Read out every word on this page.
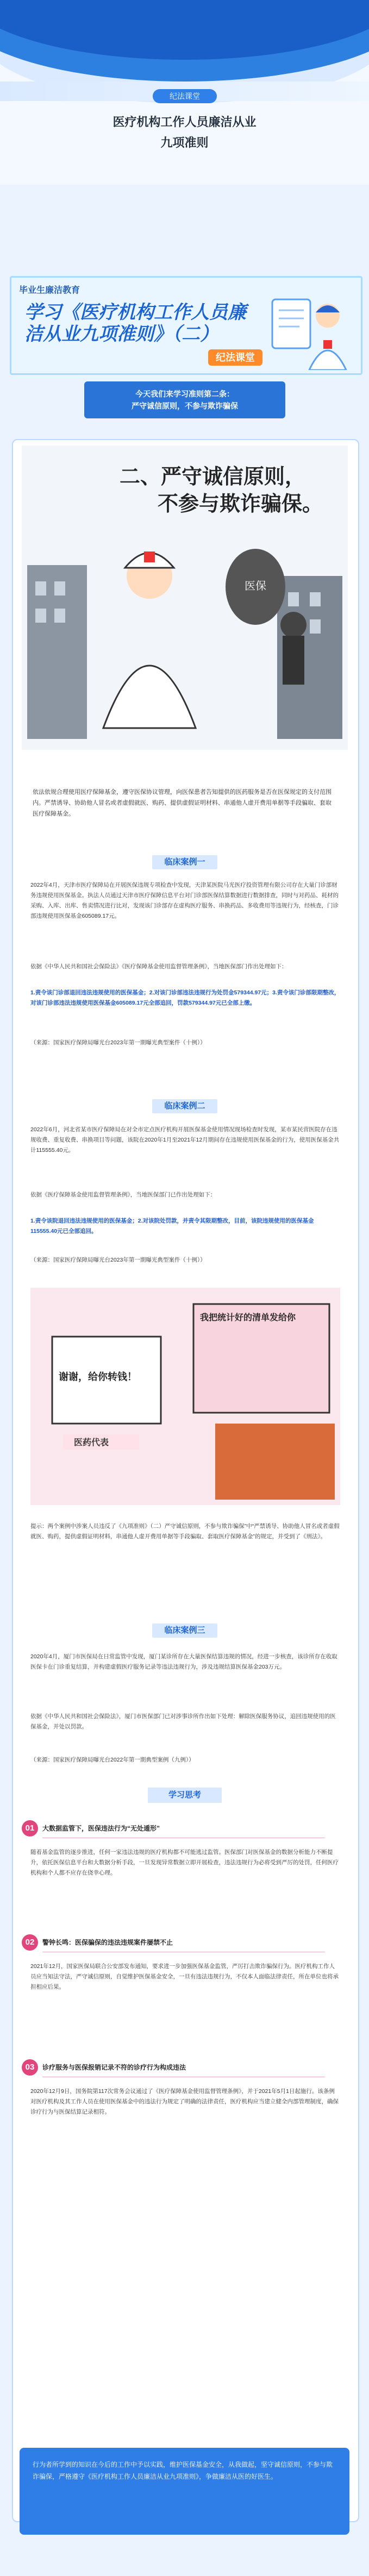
纪法课堂
医疗机构工作人员廉洁从业
九项准则
毕业生廉洁教育
学习《医疗机构工作人员廉洁从业九项准则》（二）
纪法课堂
今天我们来学习准则第二条：
严守诚信原则，不参与欺诈骗保
二、严守诚信原则，
不参与欺诈骗保。
医保
依法依规合理使用医疗保障基金，遵守医保协议管理，向医保患者告知提供的医药服务是否在医保规定的支付范围内。严禁诱导、协助他人冒名或者虚假就医、购药、提供虚假证明材料、串通他人虚开费用单据等手段骗取、套取医疗保障基金。
临床案例一
2022年4月，天津市医疗保障局在开展医保违规专项检查中发现，天津某医院马光医疗投资管理有限公司存在大量门诊部财务违规使用医保基金。执法人员通过天津市医疗保障信息平台对门诊部医保结算数据进行数据排查，同时与对药品、耗材的采购、入库、出库、售卖情况进行比对，发现该门诊部存在虚构医疗服务、串换药品、多收费用等违规行为，经核查，门诊部违规使用医保基金605089.17元。
依据《中华人民共和国社会保险法》《医疗保障基金使用监督管理条例》，当地医保部门作出处理如下：
1.责令该门诊部退回违法违规使用的医保基金；2.对该门诊部违法违规行为处罚金579344.97元；3.责令该门诊部限期整改，对该门诊部违法违规使用医保基金605089.17元全部追回，罚款579344.97元已全部上缴。
（来源：国家医疗保障局曝光台2023年第一期曝光典型案件（十例））
临床案例二
2022年6月，河北省某市医疗保障局在对全市定点医疗机构开展医保基金使用情况现场检查时发现，某市某民营医院存在违规收费、重复收费、串换项目等问题，该院在2020年1月至2021年12月期间存在违规使用医保基金的行为，使用医保基金共计115555.40元。
依据《医疗保障基金使用监督管理条例》，当地医保部门已作出处理如下：
1.责令该院退回违法违规使用的医保基金；2.对该院处罚款，并责令其限期整改，目前，该院违规使用的医保基金115555.40元已全部追回。
（来源：国家医疗保障局曝光台2023年第一期曝光典型案件（十例））
我把统计好的清单发给你
谢谢，给你转钱！
医药代表
提示：两个案例中涉案人员违反了《九项准则》（二）严守诚信原则，不参与欺诈骗保”中“严禁诱导、协助他人冒名或者虚假就医、购药，提供虚假证明材料，串通他人虚开费用单据等手段骗取、套取医疗保障基金”的规定，并受到了《刑法》。
临床案例三
2020年4月，厦门市医保局在日常监管中发现，厦门某诊所存在大量医保结算违规的情况，经进一步核查，该诊所存在收取医保卡在门诊重复结算，并构建虚假医疗服务记录等违法违规行为，涉及违规结算医保基金203万元。
依据《中华人民共和国社会保险法》，厦门市医保部门已对涉事诊所作出如下处理：解除医保服务协议，追回违规使用的医保基金，并处以罚款。
（来源：国家医疗保障局曝光台2022年第一期典型案例（九例））
学习思考
01	大数据监管下，医保违法行为“无处遁形”
随着基金监管的逐步推进，任何一家违法违规的医疗机构都不可能逃过监管。医保部门对医保基金的数据分析能力不断提升，依托医保信息平台和大数据分析手段，一旦发现异常数据立即开展检查，违法违规行为必将受到严厉的处罚，任何医疗机构和个人都不应存在侥幸心理。
02	警钟长鸣：医保骗保的违法违规案件屡禁不止
2021年12月，国家医保局联合公安部发布通知，要求进一步加强医保基金监管，严厉打击欺诈骗保行为。医疗机构工作人员应当知法守法，严守诚信原则，自觉维护医保基金安全，一旦有违法违规行为，不仅本人面临法律责任，所在单位也将承担相应后果。
03	诊疗服务与医保报销记录不符的诊疗行为构成违法
2020年12月9日，国务院第117次常务会议通过了《医疗保障基金使用监督管理条例》，并于2021年5月1日起施行。该条例对医疗机构及其工作人员在使用医保基金中的违法行为规定了明确的法律责任，医疗机构应当建立健全内部管理制度，确保诊疗行为与医保结算记录相符。
行为者所学到的知识在今后的工作中予以实践，维护医保基金安全，从我做起，坚守诚信原则，不参与欺诈骗保，严格遵守《医疗机构工作人员廉洁从业九项准则》，争做廉洁从医的好医生。
